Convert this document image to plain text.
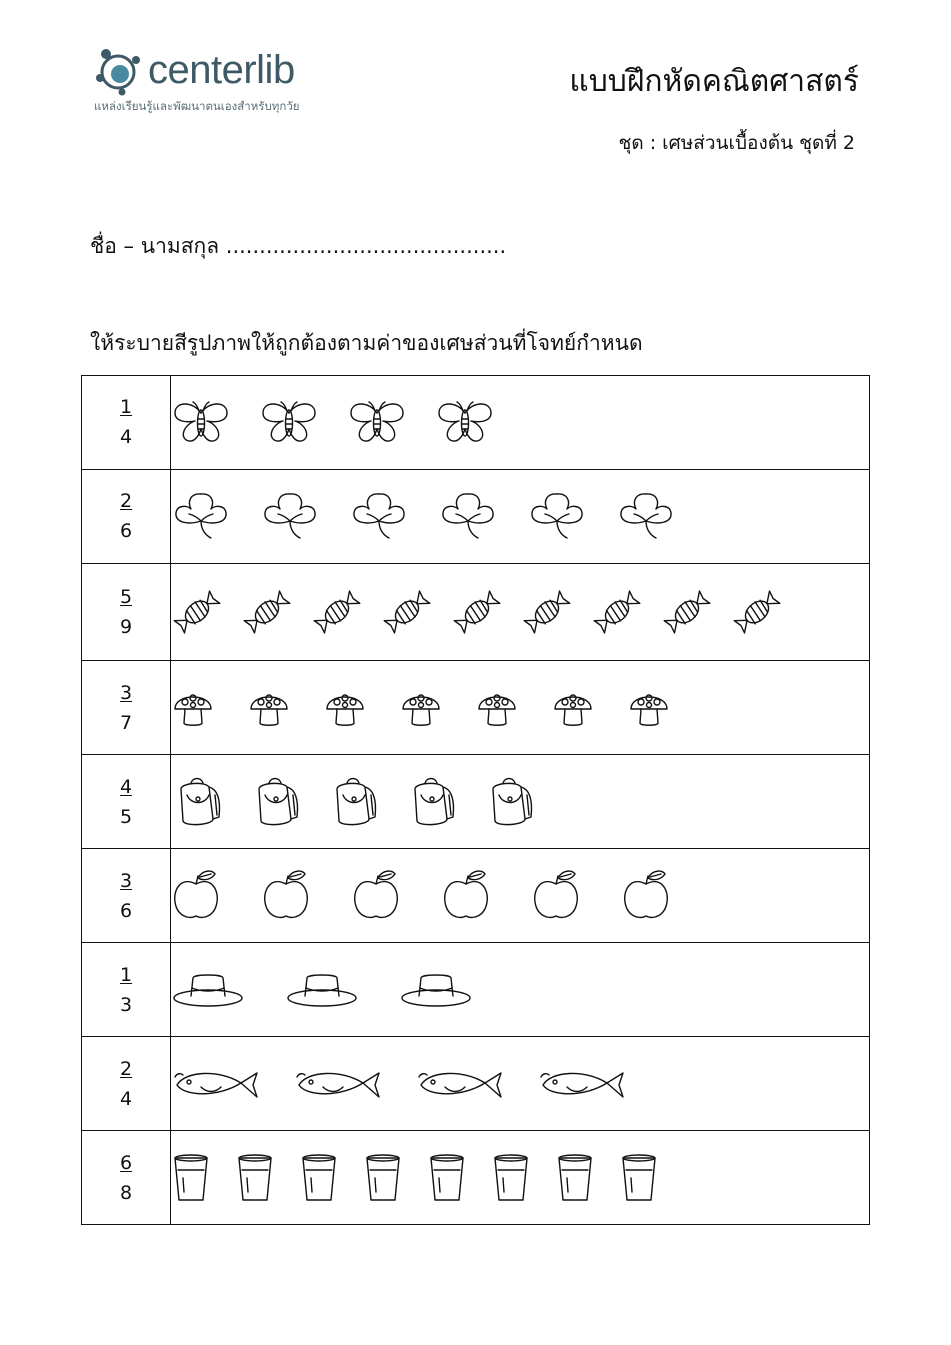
centerlib
แหล่งเรียนรู้และพัฒนาตนเองสำหรับทุกวัย
แบบฝึกหัดคณิตศาสตร์
ชุด : เศษส่วนเบื้องต้น ชุดที่ 2
ชื่อ – นามสกุล ..........................................
ให้ระบายสีรูปภาพให้ถูกต้องตามค่าของเศษส่วนที่โจทย์กำหนด
$\frac{1}{4}$

$\frac{2}{6}$

$\frac{5}{9}$

$\frac{3}{7}$

$\frac{4}{5}$

$\frac{3}{6}$

$\frac{1}{3}$

$\frac{2}{4}$

$\frac{6}{8}$
